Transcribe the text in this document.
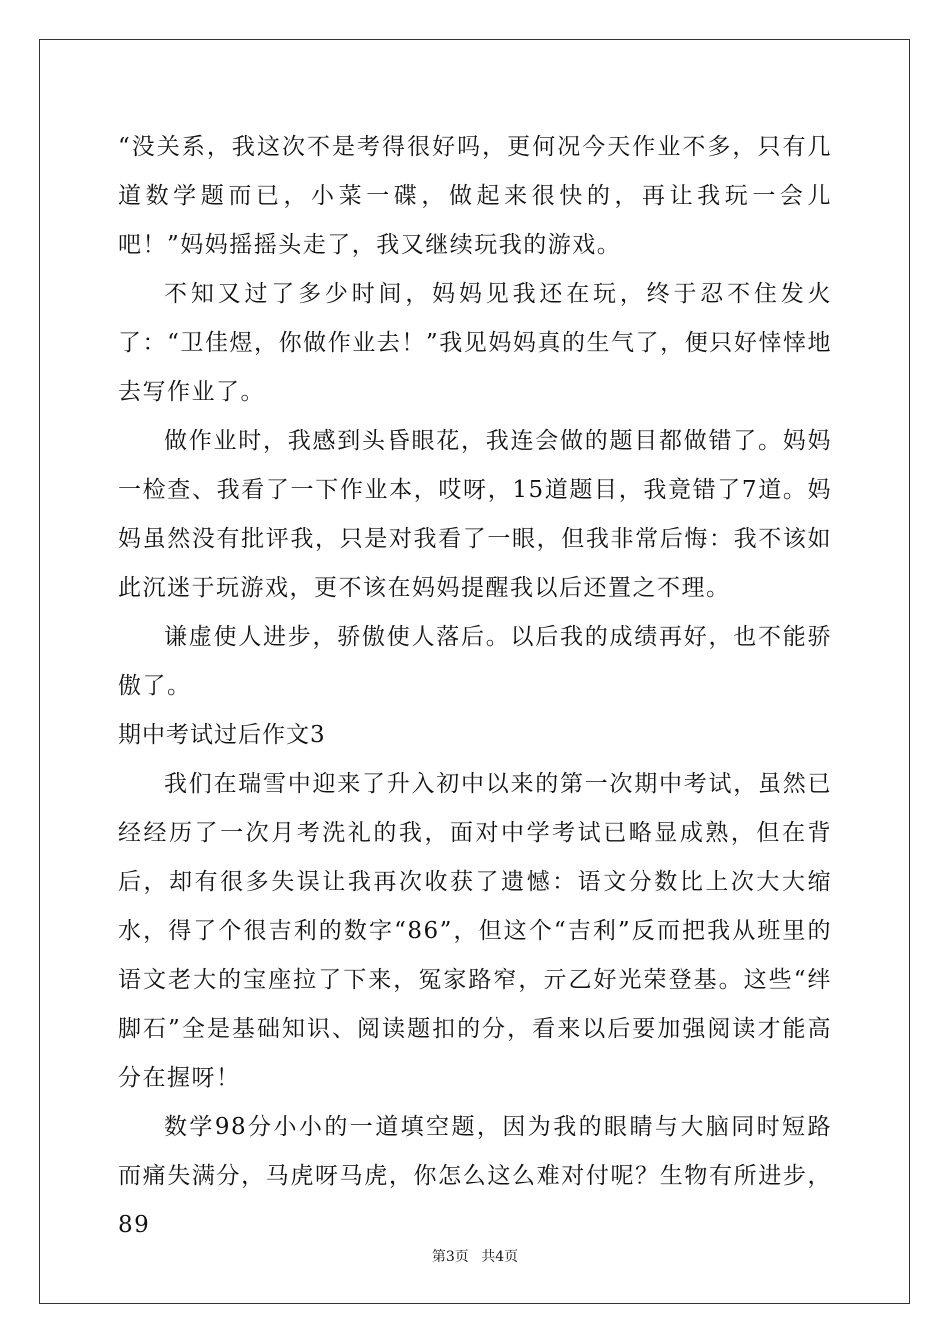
“没关系，我这次不是考得很好吗，更何况今天作业不多，只有几道数学题而已，小菜一碟，做起来很快的，再让我玩一会儿吧！”妈妈摇摇头走了，我又继续玩我的游戏。

不知又过了多少时间，妈妈见我还在玩，终于忍不住发火了：“卫佳煜，你做作业去！”我见妈妈真的生气了，便只好悻悻地去写作业了。

做作业时，我感到头昏眼花，我连会做的题目都做错了。妈妈一检查、我看了一下作业本，哎呀，15道题目，我竟错了7道。妈妈虽然没有批评我，只是对我看了一眼，但我非常后悔：我不该如此沉迷于玩游戏，更不该在妈妈提醒我以后还置之不理。

谦虚使人进步，骄傲使人落后。以后我的成绩再好，也不能骄傲了。

期中考试过后作文3

我们在瑞雪中迎来了升入初中以来的第一次期中考试，虽然已经经历了一次月考洗礼的我，面对中学考试已略显成熟，但在背后，却有很多失误让我再次收获了遗憾：语文分数比上次大大缩水，得了个很吉利的数字“86”，但这个“吉利”反而把我从班里的语文老大的宝座拉了下来，冤家路窄，亓乙好光荣登基。这些“绊脚石”全是基础知识、阅读题扣的分，看来以后要加强阅读才能高分在握呀！

数学98分小小的一道填空题，因为我的眼睛与大脑同时短路而痛失满分，马虎呀马虎，你怎么这么难对付呢？生物有所进步，89

第3页 共4页
